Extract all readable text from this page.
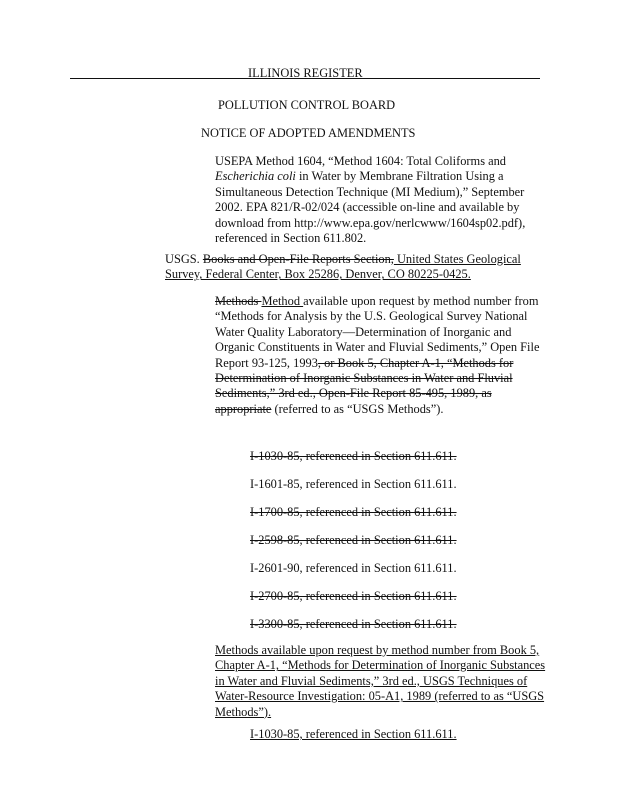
ILLINOIS REGISTER
POLLUTION CONTROL BOARD
NOTICE OF ADOPTED AMENDMENTS
USEPA Method 1604, “Method 1604: Total Coliforms and
Escherichia coli in Water by Membrane Filtration Using a
Simultaneous Detection Technique (MI Medium),” September
2002. EPA 821/R-02/024 (accessible on-line and available by
download from http://www.epa.gov/nerlcwww/1604sp02.pdf),
referenced in Section 611.802.
USGS. Books and Open-File Reports Section, United States Geological
Survey, Federal Center, Box 25286, Denver, CO 80225-0425.
Methods Method available upon request by method number from
“Methods for Analysis by the U.S. Geological Survey National
Water Quality Laboratory—Determination of Inorganic and
Organic Constituents in Water and Fluvial Sediments,” Open File
Report 93-125, 1993, or Book 5, Chapter A-1, “Methods for
Determination of Inorganic Substances in Water and Fluvial
Sediments,” 3rd ed., Open-File Report 85-495, 1989, as
appropriate (referred to as “USGS Methods”).
I-1030-85, referenced in Section 611.611.
I-1601-85, referenced in Section 611.611.
I-1700-85, referenced in Section 611.611.
I-2598-85, referenced in Section 611.611.
I-2601-90, referenced in Section 611.611.
I-2700-85, referenced in Section 611.611.
I-3300-85, referenced in Section 611.611.
Methods available upon request by method number from Book 5,
Chapter A-1, “Methods for Determination of Inorganic Substances
in Water and Fluvial Sediments,” 3rd ed., USGS Techniques of
Water-Resource Investigation: 05-A1, 1989 (referred to as “USGS
Methods”).
I-1030-85, referenced in Section 611.611.
